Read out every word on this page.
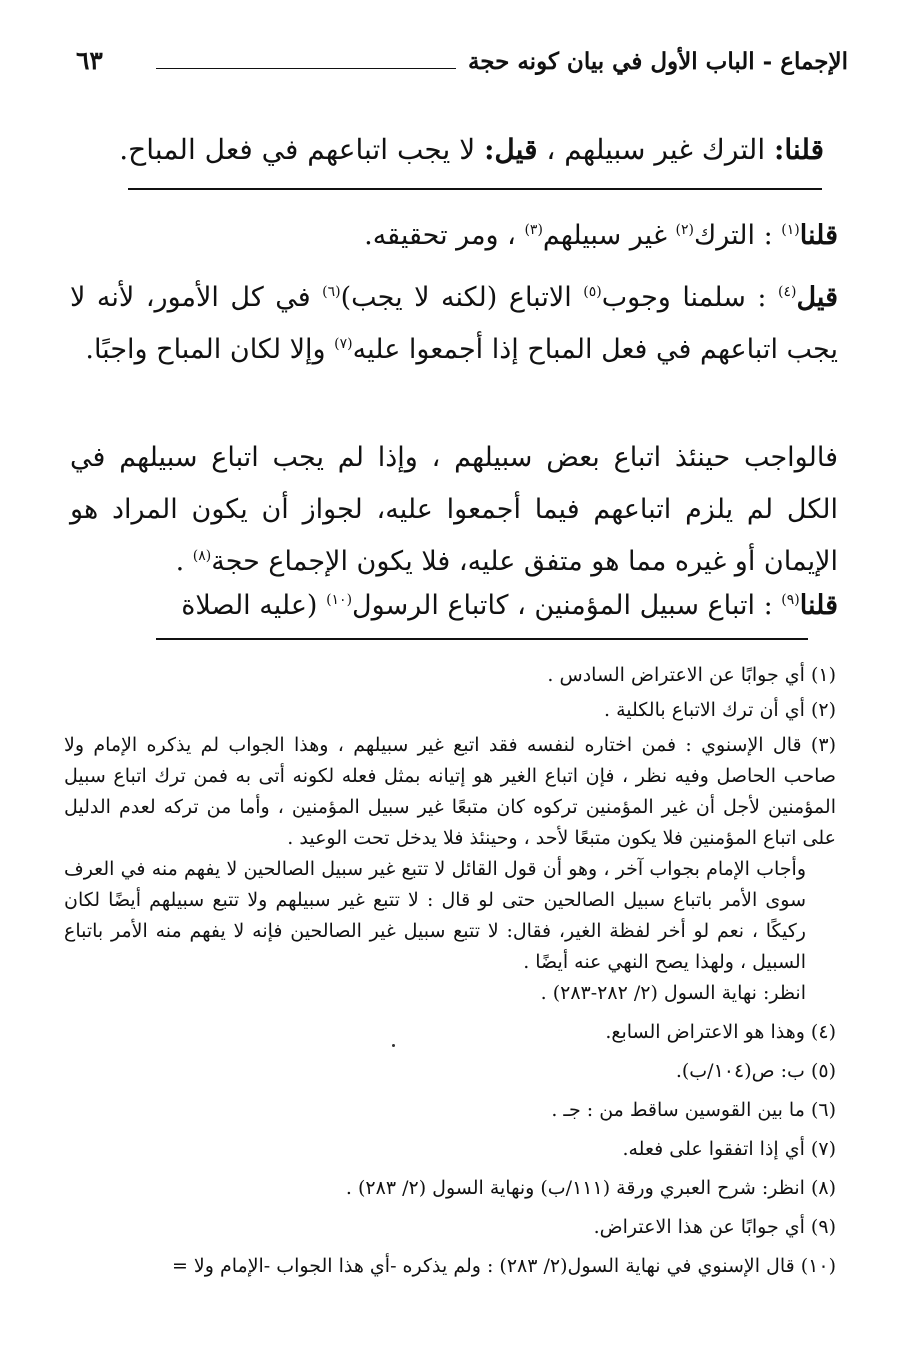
الإجماع - الباب الأول في بيان كونه حجة
٦٣
قلنا: الترك غير سبيلهم ، قيل: لا يجب اتباعهم في فعل المباح.

قلنا$^{(١)}$ : الترك$^{(٢)}$ غير سبيلهم$^{(٣)}$ ، ومر تحقيقه.

قيل$^{(٤)}$ : سلمنا وجوب$^{(٥)}$ الاتباع (لكنه لا يجب)$^{(٦)}$ في كل الأمور، لأنه لا يجب اتباعهم في فعل المباح إذا أجمعوا عليه$^{(٧)}$ وإلا لكان المباح واجبًا.

فالواجب حينئذ اتباع بعض سبيلهم ، وإذا لم يجب اتباع سبيلهم في الكل لم يلزم اتباعهم فيما أجمعوا عليه، لجواز أن يكون المراد هو الإيمان أو غيره مما هو متفق عليه، فلا يكون الإجماع حجة$^{(٨)}$ .

قلنا$^{(٩)}$ : اتباع سبيل المؤمنين ، كاتباع الرسول$^{(١٠)}$ (عليه الصلاة

(١) أي جوابًا عن الاعتراض السادس .

(٢) أي أن ترك الاتباع بالكلية .

(٣) قال الإسنوي : فمن اختاره لنفسه فقد اتبع غير سبيلهم ، وهذا الجواب لم يذكره الإمام ولا صاحب الحاصل وفيه نظر ، فإن اتباع الغير هو إتيانه بمثل فعله لكونه أتى به فمن ترك اتباع سبيل المؤمنين لأجل أن غير المؤمنين تركوه كان متبعًا غير سبيل المؤمنين ، وأما من تركه لعدم الدليل على اتباع المؤمنين فلا يكون متبعًا لأحد ، وحينئذ فلا يدخل تحت الوعيد .

وأجاب الإمام بجواب آخر ، وهو أن قول القائل لا تتبع غير سبيل الصالحين لا يفهم منه في العرف سوى الأمر باتباع سبيل الصالحين حتى لو قال : لا تتبع غير سبيلهم ولا تتبع سبيلهم أيضًا لكان ركيكًا ، نعم لو أخر لفظة الغير، فقال: لا تتبع سبيل غير الصالحين فإنه لا يفهم منه الأمر باتباع السبيل ، ولهذا يصح النهي عنه أيضًا .

انظر: نهاية السول (٢/ ٢٨٢-٢٨٣) .

(٤) وهذا هو الاعتراض السابع.

(٥) ب: ص(١٠٤/ب).

(٦) ما بين القوسين ساقط من : جـ .

(٧) أي إذا اتفقوا على فعله.

(٨) انظر: شرح العبري ورقة (١١١/ب) ونهاية السول (٢/ ٢٨٣) .

(٩) أي جوابًا عن هذا الاعتراض.

(١٠) قال الإسنوي في نهاية السول(٢/ ٢٨٣) : ولم يذكره -أي هذا الجواب -الإمام ولا =
